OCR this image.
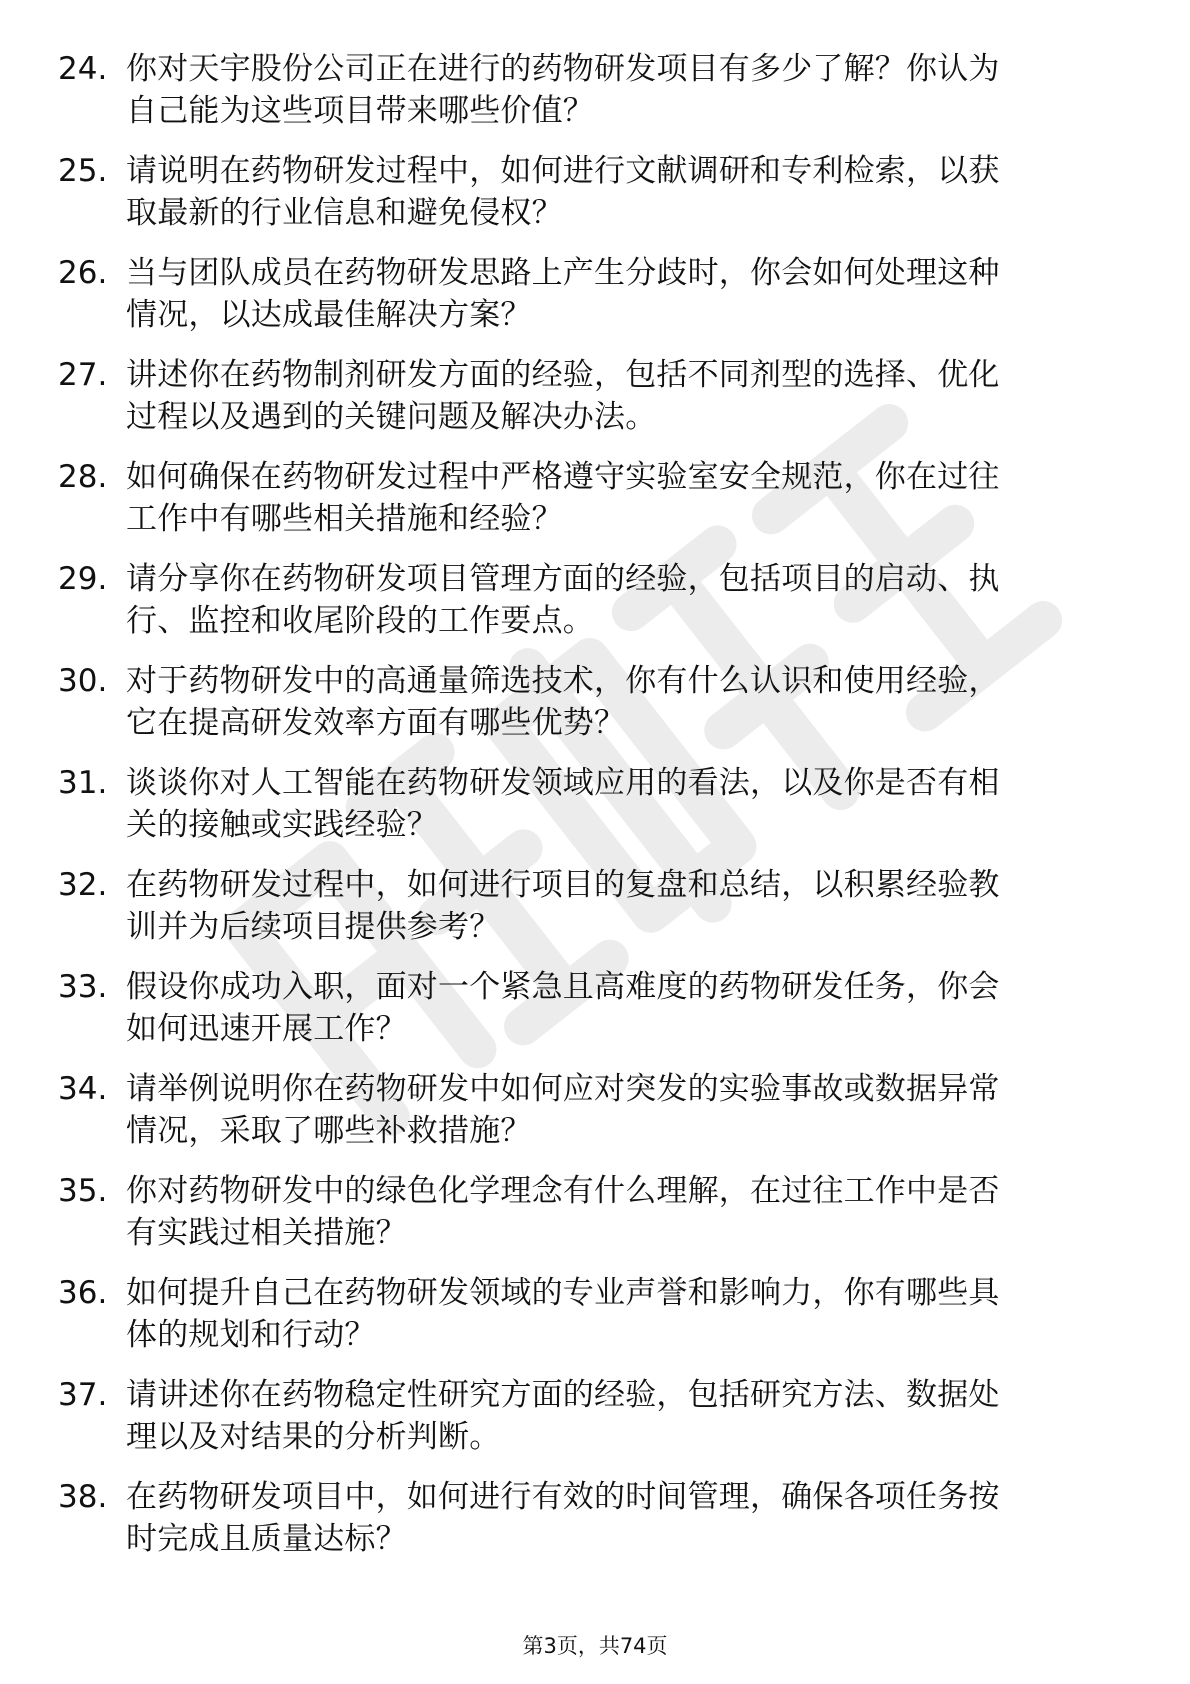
24. 你对天宇股份公司正在进行的药物研发项目有多少了解？你认为
自己能为这些项目带来哪些价值？
25. 请说明在药物研发过程中，如何进行文献调研和专利检索，以获
取最新的行业信息和避免侵权？
26. 当与团队成员在药物研发思路上产生分歧时，你会如何处理这种
情况，以达成最佳解决方案？
27. 讲述你在药物制剂研发方面的经验，包括不同剂型的选择、优化
过程以及遇到的关键问题及解决办法。
28. 如何确保在药物研发过程中严格遵守实验室安全规范，你在过往
工作中有哪些相关措施和经验？
29. 请分享你在药物研发项目管理方面的经验，包括项目的启动、执
行、监控和收尾阶段的工作要点。
30. 对于药物研发中的高通量筛选技术，你有什么认识和使用经验，
它在提高研发效率方面有哪些优势？
31. 谈谈你对人工智能在药物研发领域应用的看法，以及你是否有相
关的接触或实践经验？
32. 在药物研发过程中，如何进行项目的复盘和总结，以积累经验教
训并为后续项目提供参考？
33. 假设你成功入职，面对一个紧急且高难度的药物研发任务，你会
如何迅速开展工作？
34. 请举例说明你在药物研发中如何应对突发的实验事故或数据异常
情况，采取了哪些补救措施？
35. 你对药物研发中的绿色化学理念有什么理解，在过往工作中是否
有实践过相关措施？
36. 如何提升自己在药物研发领域的专业声誉和影响力，你有哪些具
体的规划和行动？
37. 请讲述你在药物稳定性研究方面的经验，包括研究方法、数据处
理以及对结果的分析判断。
38. 在药物研发项目中，如何进行有效的时间管理，确保各项任务按
时完成且质量达标？
第3页，共74页
